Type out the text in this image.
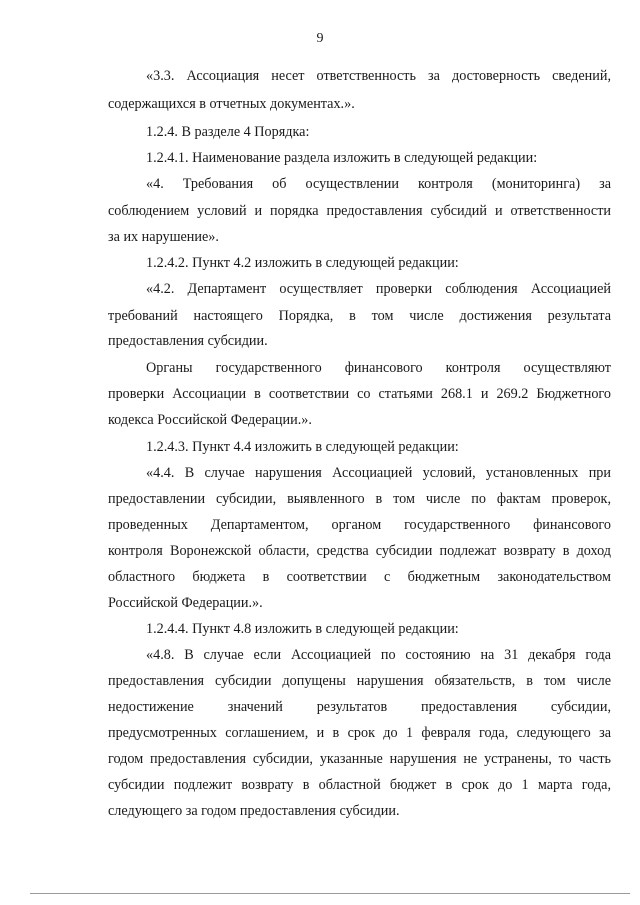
9
«3.3. Ассоциация несет ответственность за достоверность сведений,
содержащихся в отчетных документах.».
1.2.4. В разделе 4 Порядка:
1.2.4.1. Наименование раздела изложить в следующей редакции:
«4. Требования об осуществлении контроля (мониторинга) за
соблюдением условий и порядка предоставления субсидий и ответственности
за их нарушение».
1.2.4.2. Пункт 4.2 изложить в следующей редакции:
«4.2. Департамент осуществляет проверки соблюдения Ассоциацией
требований настоящего Порядка, в том числе достижения результата
предоставления субсидии.
Органы государственного финансового контроля осуществляют
проверки Ассоциации в соответствии со статьями 268.1 и 269.2 Бюджетного
кодекса Российской Федерации.».
1.2.4.3. Пункт 4.4 изложить в следующей редакции:
«4.4. В случае нарушения Ассоциацией условий, установленных при
предоставлении субсидии, выявленного в том числе по фактам проверок,
проведенных Департаментом, органом государственного финансового
контроля Воронежской области, средства субсидии подлежат возврату в доход
областного бюджета в соответствии с бюджетным законодательством
Российской Федерации.».
1.2.4.4. Пункт 4.8 изложить в следующей редакции:
«4.8. В случае если Ассоциацией по состоянию на 31 декабря года
предоставления субсидии допущены нарушения обязательств, в том числе
недостижение значений результатов предоставления субсидии,
предусмотренных соглашением, и в срок до 1 февраля года, следующего за
годом предоставления субсидии, указанные нарушения не устранены, то часть
субсидии подлежит возврату в областной бюджет в срок до 1 марта года,
следующего за годом предоставления субсидии.
